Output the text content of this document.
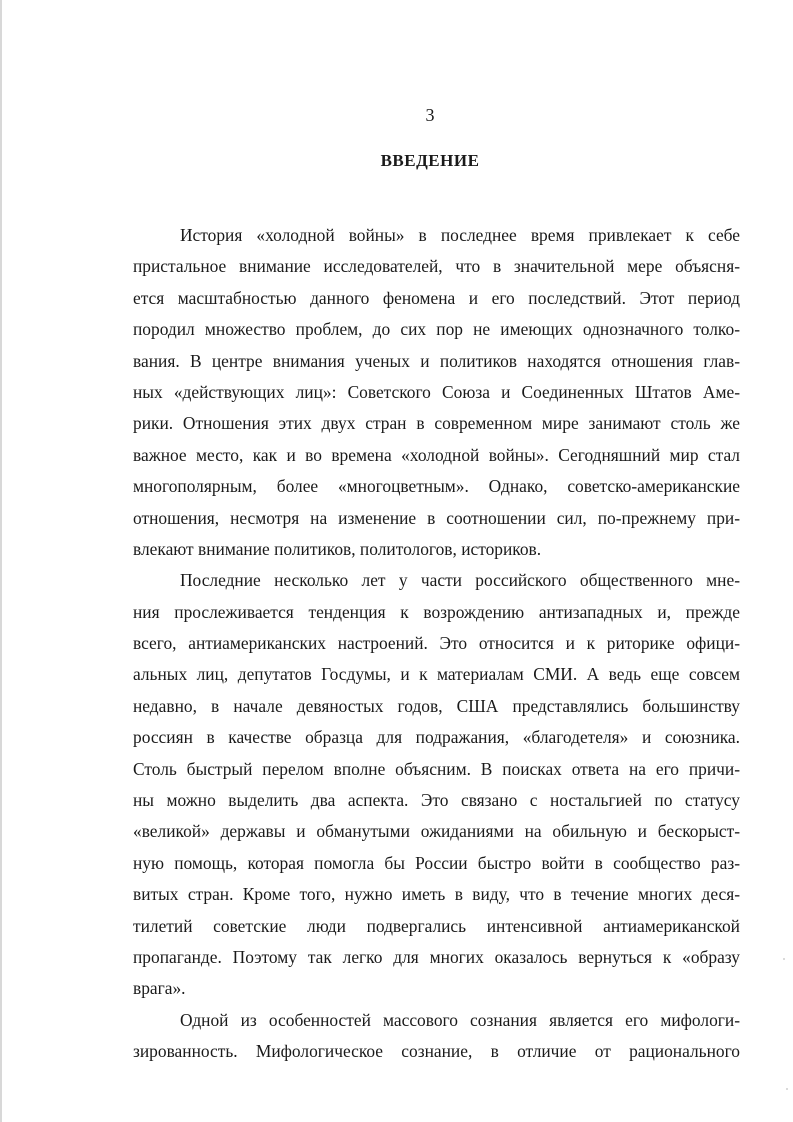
3
ВВЕДЕНИЕ
История «холодной войны» в последнее время привлекает к себе
пристальное внимание исследователей, что в значительной мере объясня-
ется масштабностью данного феномена и его последствий. Этот период
породил множество проблем, до сих пор не имеющих однозначного толко-
вания. В центре внимания ученых и политиков находятся отношения глав-
ных «действующих лиц»: Советского Союза и Соединенных Штатов Аме-
рики. Отношения этих двух стран в современном мире занимают столь же
важное место, как и во времена «холодной войны». Сегодняшний мир стал
многополярным, более «многоцветным». Однако, советско-американские
отношения, несмотря на изменение в соотношении сил, по-прежнему при-
влекают внимание политиков, политологов, историков.
Последние несколько лет у части российского общественного мне-
ния прослеживается тенденция к возрождению антизападных и, прежде
всего, антиамериканских настроений. Это относится и к риторике офици-
альных лиц, депутатов Госдумы, и к материалам СМИ. А ведь еще совсем
недавно, в начале девяностых годов, США представлялись большинству
россиян в качестве образца для подражания, «благодетеля» и союзника.
Столь быстрый перелом вполне объясним. В поисках ответа на его причи-
ны можно выделить два аспекта. Это связано с ностальгией по статусу
«великой» державы и обманутыми ожиданиями на обильную и бескорыст-
ную помощь, которая помогла бы России быстро войти в сообщество раз-
витых стран. Кроме того, нужно иметь в виду, что в течение многих деся-
тилетий советские люди подвергались интенсивной антиамериканской
пропаганде. Поэтому так легко для многих оказалось вернуться к «образу
врага».
Одной из особенностей массового сознания является его мифологи-
зированность. Мифологическое сознание, в отличие от рационального
